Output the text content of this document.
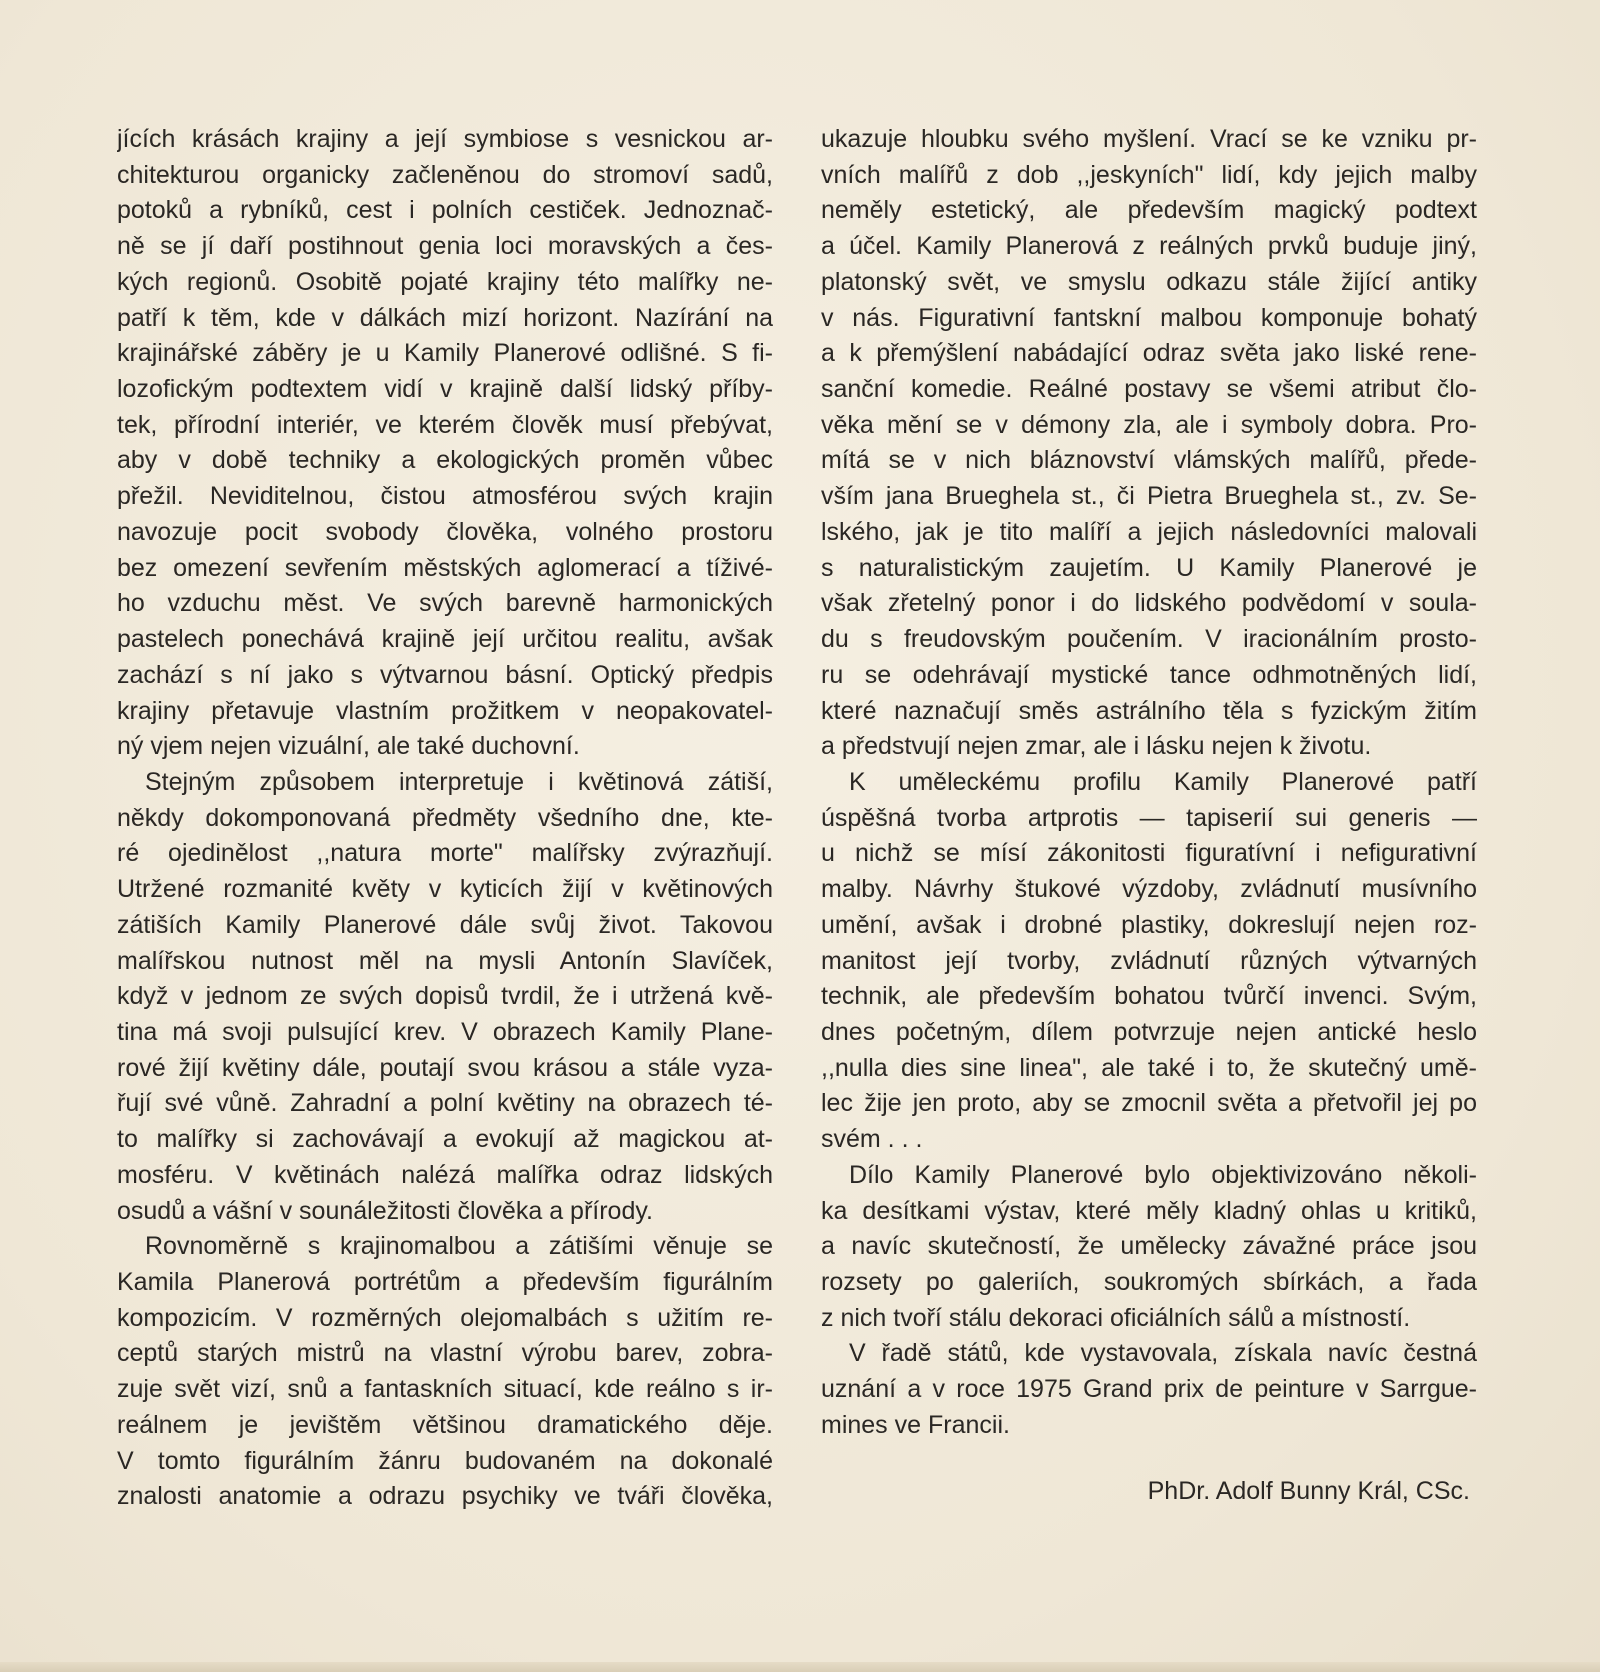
jících krásách krajiny a její symbiose s vesnickou ar-
chitekturou organicky začleněnou do stromoví sadů,
potoků a rybníků, cest i polních cestiček. Jednoznač-
ně se jí daří postihnout genia loci moravských a čes-
kých regionů. Osobitě pojaté krajiny této malířky ne-
patří k těm, kde v dálkách mizí horizont. Nazírání na
krajinářské záběry je u Kamily Planerové odlišné. S fi-
lozofickým podtextem vidí v krajině další lidský příby-
tek, přírodní interiér, ve kterém člověk musí přebývat,
aby v době techniky a ekologických proměn vůbec
přežil. Neviditelnou, čistou atmosférou svých krajin
navozuje pocit svobody člověka, volného prostoru
bez omezení sevřením městských aglomerací a tíživé-
ho vzduchu měst. Ve svých barevně harmonických
pastelech ponechává krajině její určitou realitu, avšak
zachází s ní jako s výtvarnou básní. Optický předpis
krajiny přetavuje vlastním prožitkem v neopakovatel-
ný vjem nejen vizuální, ale také duchovní.
Stejným způsobem interpretuje i květinová zátiší,
někdy dokomponovaná předměty všedního dne, kte-
ré ojedinělost ,,natura morte" malířsky zvýrazňují.
Utržené rozmanité květy v kyticích žijí v květinových
zátiších Kamily Planerové dále svůj život. Takovou
malířskou nutnost měl na mysli Antonín Slavíček,
když v jednom ze svých dopisů tvrdil, že i utržená kvě-
tina má svoji pulsující krev. V obrazech Kamily Plane-
rové žijí květiny dále, poutají svou krásou a stále vyza-
řují své vůně. Zahradní a polní květiny na obrazech té-
to malířky si zachovávají a evokují až magickou at-
mosféru. V květinách nalézá malířka odraz lidských
osudů a vášní v sounáležitosti člověka a přírody.
Rovnoměrně s krajinomalbou a zátišími věnuje se
Kamila Planerová portrétům a především figurálním
kompozicím. V rozměrných olejomalbách s užitím re-
ceptů starých mistrů na vlastní výrobu barev, zobra-
zuje svět vizí, snů a fantaskních situací, kde reálno s ir-
reálnem je jevištěm většinou dramatického děje.
V tomto figurálním žánru budovaném na dokonalé
znalosti anatomie a odrazu psychiky ve tváři člověka,
ukazuje hloubku svého myšlení. Vrací se ke vzniku pr-
vních malířů z dob ,,jeskyních" lidí, kdy jejich malby
neměly estetický, ale především magický podtext
a účel. Kamily Planerová z reálných prvků buduje jiný,
platonský svět, ve smyslu odkazu stále žijící antiky
v nás. Figurativní fantskní malbou komponuje bohatý
a k přemýšlení nabádající odraz světa jako liské rene-
sanční komedie. Reálné postavy se všemi atribut člo-
věka mění se v démony zla, ale i symboly dobra. Pro-
mítá se v nich bláznovství vlámských malířů, přede-
vším jana Brueghela st., či Pietra Brueghela st., zv. Se-
lského, jak je tito malíří a jejich následovníci malovali
s naturalistickým zaujetím. U Kamily Planerové je
však zřetelný ponor i do lidského podvědomí v soula-
du s freudovským poučením. V iracionálním prosto-
ru se odehrávají mystické tance odhmotněných lidí,
které naznačují směs astrálního těla s fyzickým žitím
a předstvují nejen zmar, ale i lásku nejen k životu.
K uměleckému profilu Kamily Planerové patří
úspěšná tvorba artprotis — tapiserií sui generis —
u nichž se mísí zákonitosti figuratívní i nefigurativní
malby. Návrhy štukové výzdoby, zvládnutí musívního
umění, avšak i drobné plastiky, dokreslují nejen roz-
manitost její tvorby, zvládnutí různých výtvarných
technik, ale především bohatou tvůrčí invenci. Svým,
dnes početným, dílem potvrzuje nejen antické heslo
,,nulla dies sine linea", ale také i to, že skutečný umě-
lec žije jen proto, aby se zmocnil světa a přetvořil jej po
svém . . .
Dílo Kamily Planerové bylo objektivizováno několi-
ka desítkami výstav, které měly kladný ohlas u kritiků,
a navíc skutečností, že umělecky závažné práce jsou
rozsety po galeriích, soukromých sbírkách, a řada
z nich tvoří stálu dekoraci oficiálních sálů a místností.
V řadě států, kde vystavovala, získala navíc čestná
uznání a v roce 1975 Grand prix de peinture v Sarrgue-
mines ve Francii.
PhDr. Adolf Bunny Král, CSc.
